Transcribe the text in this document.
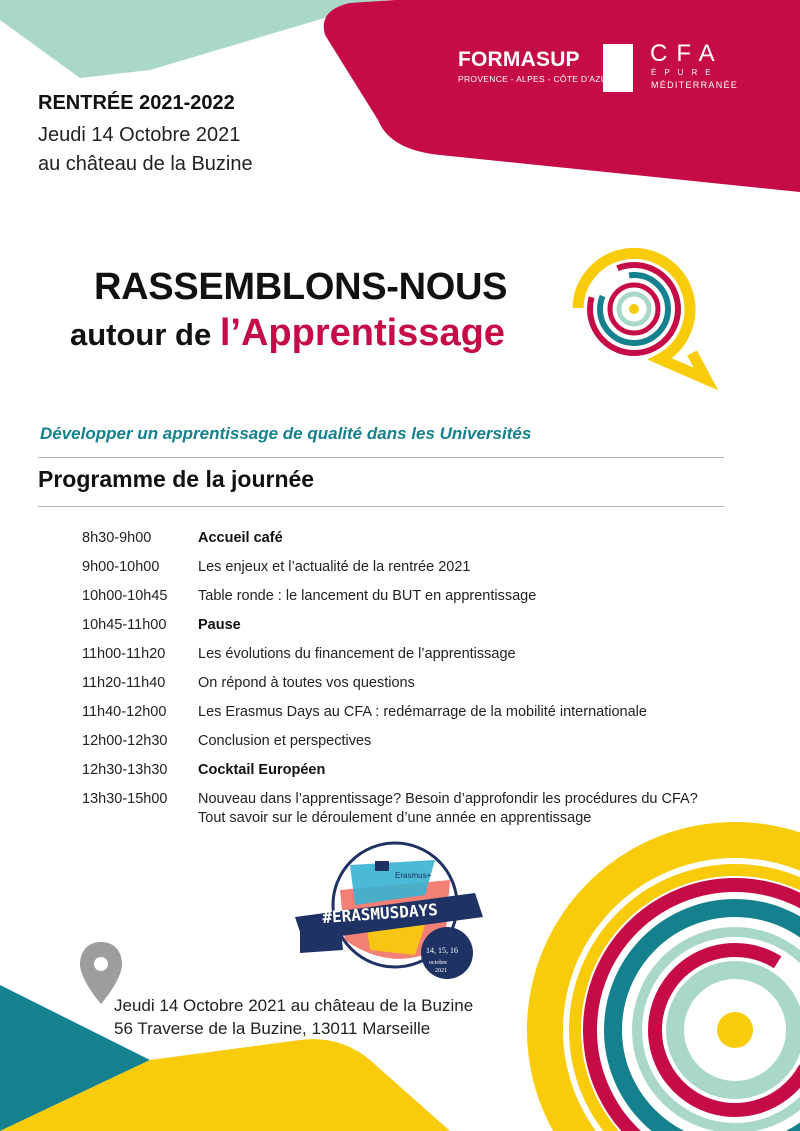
FORMASUP
PROVENCE - ALPES - CÔTE D'AZUR
CFA
ÉPURE
MÉDITERRANÉE
RENTRÉE 2021-2022
Jeudi 14 Octobre 2021
au château de la Buzine
RASSEMBLONS-NOUS
autour de l’Apprentissage
Développer un apprentissage de qualité dans les Universités
Programme de la journée
8h30-9h00	Accueil café
9h00-10h00	Les enjeux et l’actualité de la rentrée 2021
10h00-10h45	Table ronde : le lancement du BUT en apprentissage
10h45-11h00	Pause
11h00-11h20	Les évolutions du financement de l’apprentissage
11h20-11h40	On répond à toutes vos questions
11h40-12h00	Les Erasmus Days au CFA : redémarrage de la mobilité internationale
12h00-12h30	Conclusion et perspectives
12h30-13h30	Cocktail Européen
13h30-15h00	Nouveau dans l’apprentissage? Besoin d’approfondir les procédures du CFA?
Tout savoir sur le déroulement d’une année en apprentissage
Erasmus+
#ERASMUSDAYS
14, 15, 16
octobre
2021
Jeudi 14 Octobre 2021 au château de la Buzine
56 Traverse de la Buzine, 13011 Marseille
